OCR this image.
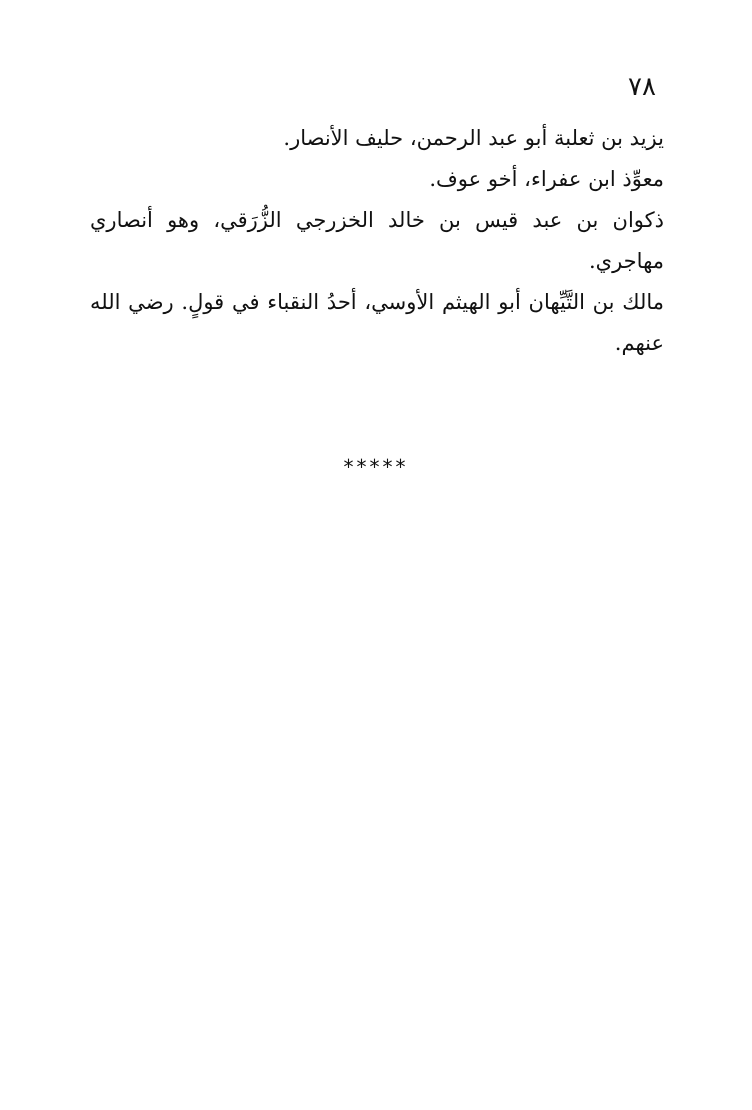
٧٨

يزيد بن ثعلبة أبو عبد الرحمن، حليف الأنصار.

معوِّذ ابن عفراء، أخو عوف.

ذكوان بن عبد قيس بن خالد الخزرجي الزُّرَقي، وهو أنصاري مهاجري.

مالك بن التَّيِّهان أبو الهيثم الأوسي، أحدُ النقباء في قولٍ. رضي الله عنهم.

*****
